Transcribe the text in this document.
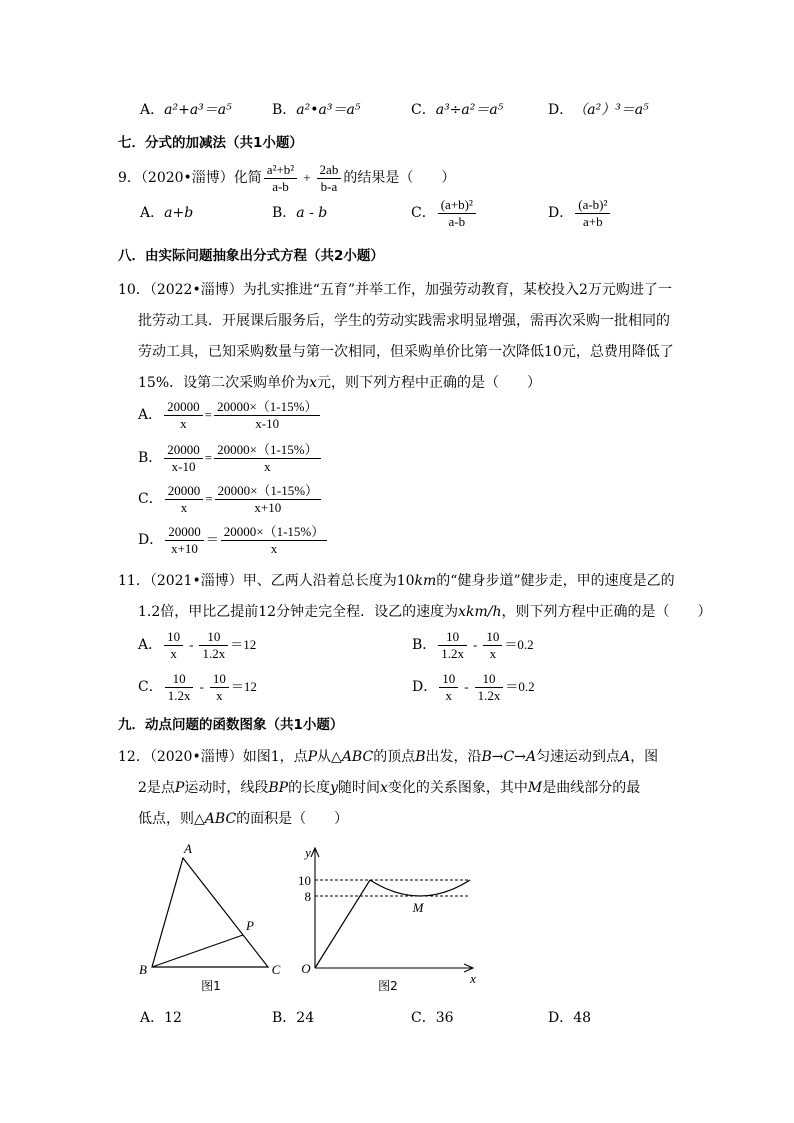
A． a²+a³＝a⁵	B． a²•a³＝a⁵	C． a³÷a²＝a⁵	D． （a²）³＝a⁵
七．分式的加减法（共1小题）
9．（2020•淄博）化简 $\frac{\text{a²+b²}}{a-b} + \frac{2ab}{b-a}$ 的结果是（　　）
A． a+b	B． a - b	C． $\frac{\text{(a+b)²}}{a-b}$	D． $\frac{\text{(a-b)²}}{a+b}$
八．由实际问题抽象出分式方程（共2小题）
10．（2022•淄博）为扎实推进“五育”并举工作，加强劳动教育，某校投入2万元购进了一
批劳动工具．开展课后服务后，学生的劳动实践需求明显增强，需再次采购一批相同的
劳动工具，已知采购数量与第一次相同，但采购单价比第一次降低10元，总费用降低了
15%．设第二次采购单价为 x 元，则下列方程中正确的是（　　）
A． $\frac{20000}{x} = \frac{20000\times(1-15\%)}{x-10}$
B． $\frac{20000}{x-10} = \frac{20000\times(1-15\%)}{x}$
C． $\frac{20000}{x} = \frac{20000\times(1-15\%)}{x+10}$
D． $\frac{20000}{x+10} = \frac{20000\times(1-15\%)}{x}$
11．（2021•淄博）甲、乙两人沿着总长度为10 km 的“健身步道”健步走，甲的速度是乙的
1.2倍，甲比乙提前12分钟走完全程．设乙的速度为 xkm/h ，则下列方程中正确的是（　　）
A． $\frac{10}{x} - \frac{10}{1.2x} =12$	B． $\frac{10}{1.2x} - \frac{10}{x} =0.2$
C． $\frac{10}{1.2x} - \frac{10}{x} =12$	D． $\frac{10}{x} - \frac{10}{1.2x} =0.2$
九．动点问题的函数图象（共1小题）
12．（2020•淄博）如图1，点 P 从△ ABC 的顶点 B 出发，沿 B→C→A 匀速运动到点 A ，图
2是点 P 运动时，线段 BP 的长度 y 随时间 x 变化的关系图象，其中 M 是曲线部分的最
低点，则△ ABC 的面积是（　　）
A
B	C
P
图1
y
x
O
10
8
M
图2
A． 12	B． 24	C． 36	D． 48
